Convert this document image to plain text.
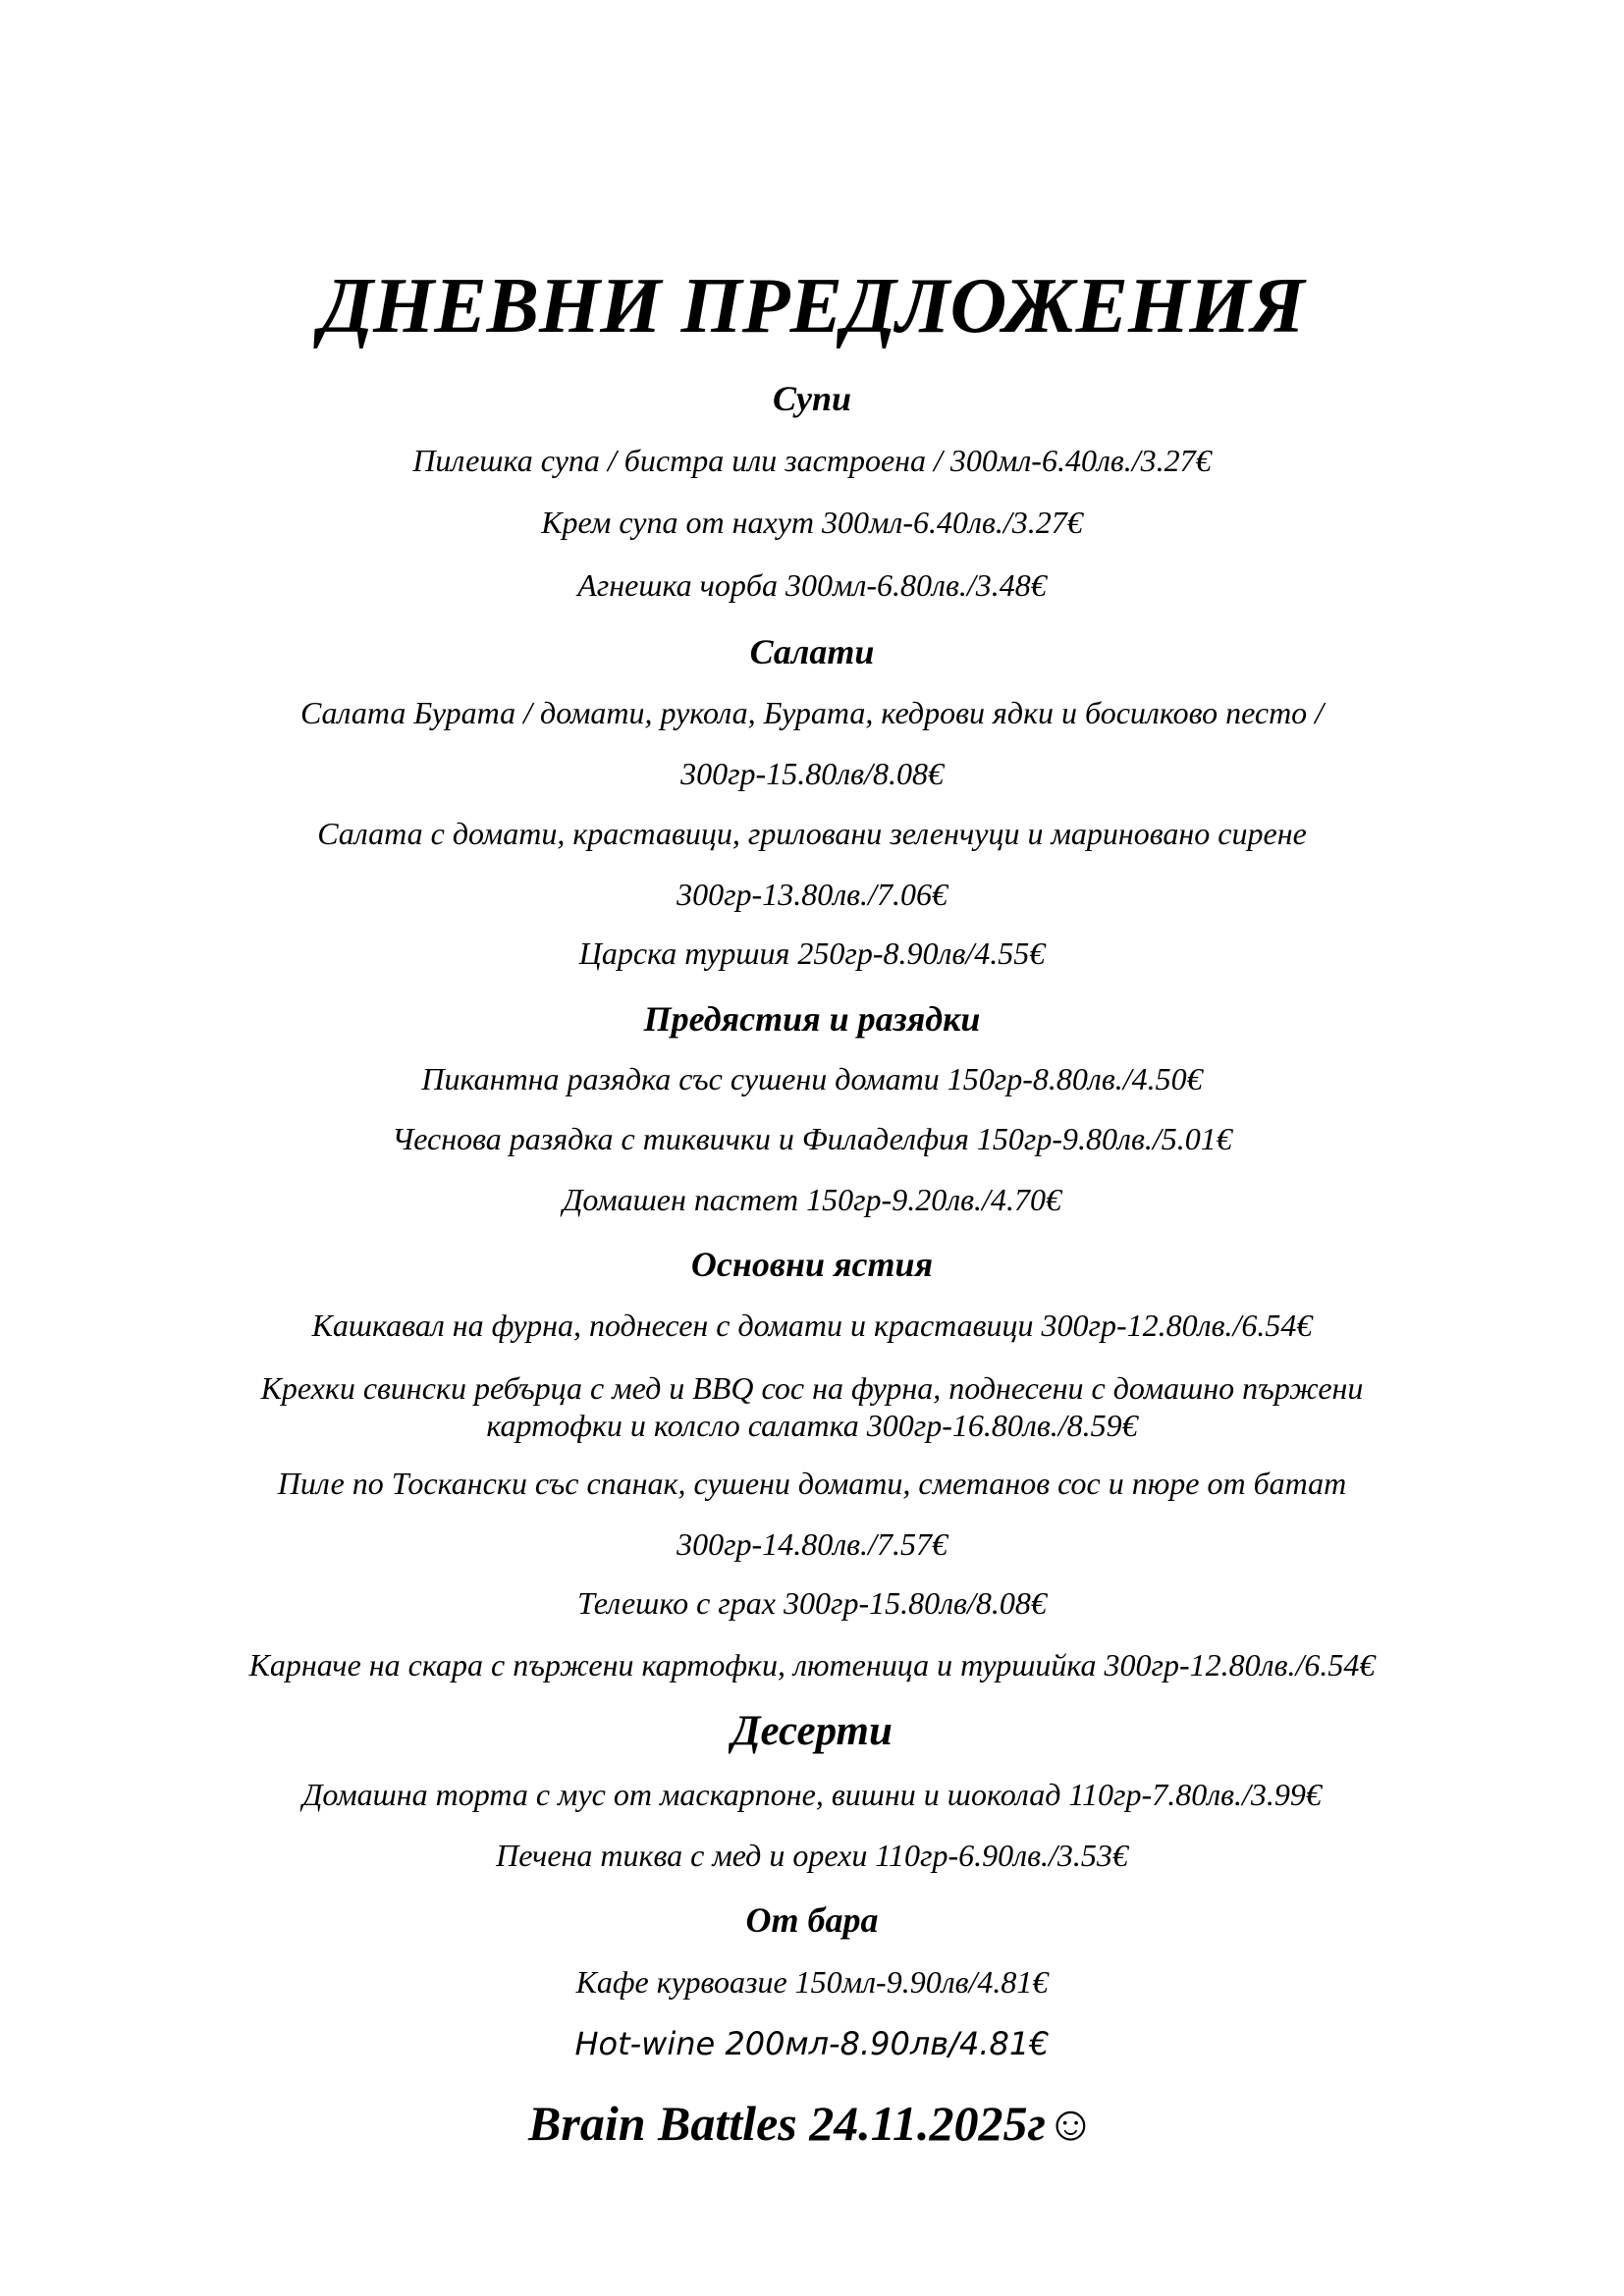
ДНЕВНИ ПРЕДЛОЖЕНИЯ
Супи
Пилешка супа / бистра или застроена / 300мл-6.40лв./3.27€
Крем супа от нахут 300мл-6.40лв./3.27€
Агнешка чорба 300мл-6.80лв./3.48€
Салати
Салата Бурата / домати, рукола, Бурата, кедрови ядки и босилково песто /
300гр-15.80лв/8.08€
Салата с домати, краставици, гриловани зеленчуци и мариновано сирене
300гр-13.80лв./7.06€
Царска туршия 250гр-8.90лв/4.55€
Предястия и разядки
Пикантна разядка със сушени домати 150гр-8.80лв./4.50€
Чеснова разядка с тиквички и Филаделфия 150гр-9.80лв./5.01€
Домашен пастет 150гр-9.20лв./4.70€
Основни ястия
Кашкавал на фурна, поднесен с домати и краставици 300гр-12.80лв./6.54€
Крехки свински ребърца с мед и BBQ сос на фурна, поднесени с домашно пържени
картофки и колсло салатка 300гр-16.80лв./8.59€
Пиле по Тоскански със спанак, сушени домати, сметанов сос и пюре от батат
300гр-14.80лв./7.57€
Телешко с грах 300гр-15.80лв/8.08€
Карначе на скара с пържени картофки, лютеница и туршийка 300гр-12.80лв./6.54€
Десерти
Домашна торта с мус от маскарпоне, вишни и шоколад 110гр-7.80лв./3.99€
Печена тиква с мед и орехи 110гр-6.90лв./3.53€
От бара
Кафе курвоазие 150мл-9.90лв/4.81€
Hot-wine 200мл-8.90лв/4.81€
Brain Battles 24.11.2025г☺
